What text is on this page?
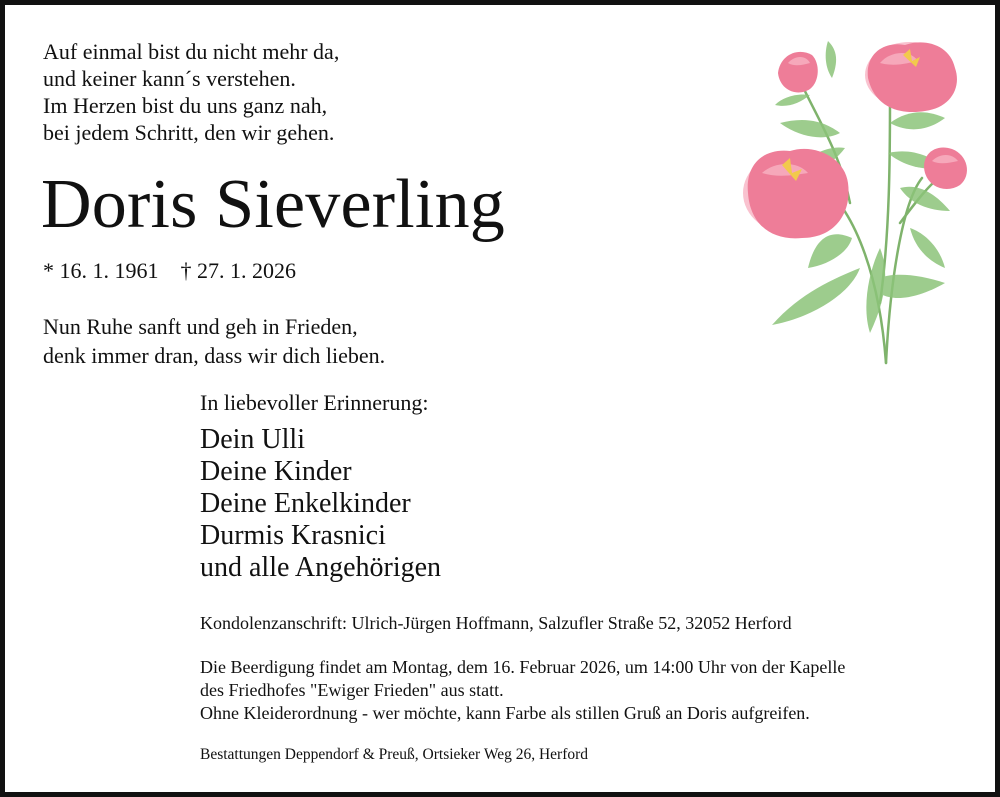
Auf einmal bist du nicht mehr da,
und keiner kann´s verstehen.
Im Herzen bist du uns ganz nah,
bei jedem Schritt, den wir gehen.
Doris Sieverling
* 16. 1. 1961 † 27. 1. 2026
Nun Ruhe sanft und geh in Frieden,
denk immer dran, dass wir dich lieben.
In liebevoller Erinnerung:
Dein Ulli
Deine Kinder
Deine Enkelkinder
Durmis Krasnici
und alle Angehörigen
Kondolenzanschrift: Ulrich-Jürgen Hoffmann, Salzufler Straße 52, 32052 Herford
Die Beerdigung findet am Montag, dem 16. Februar 2026, um 14:00 Uhr von der Kapelle
des Friedhofes "Ewiger Frieden" aus statt.
Ohne Kleiderordnung - wer möchte, kann Farbe als stillen Gruß an Doris aufgreifen.
Bestattungen Deppendorf & Preuß, Ortsieker Weg 26, Herford
